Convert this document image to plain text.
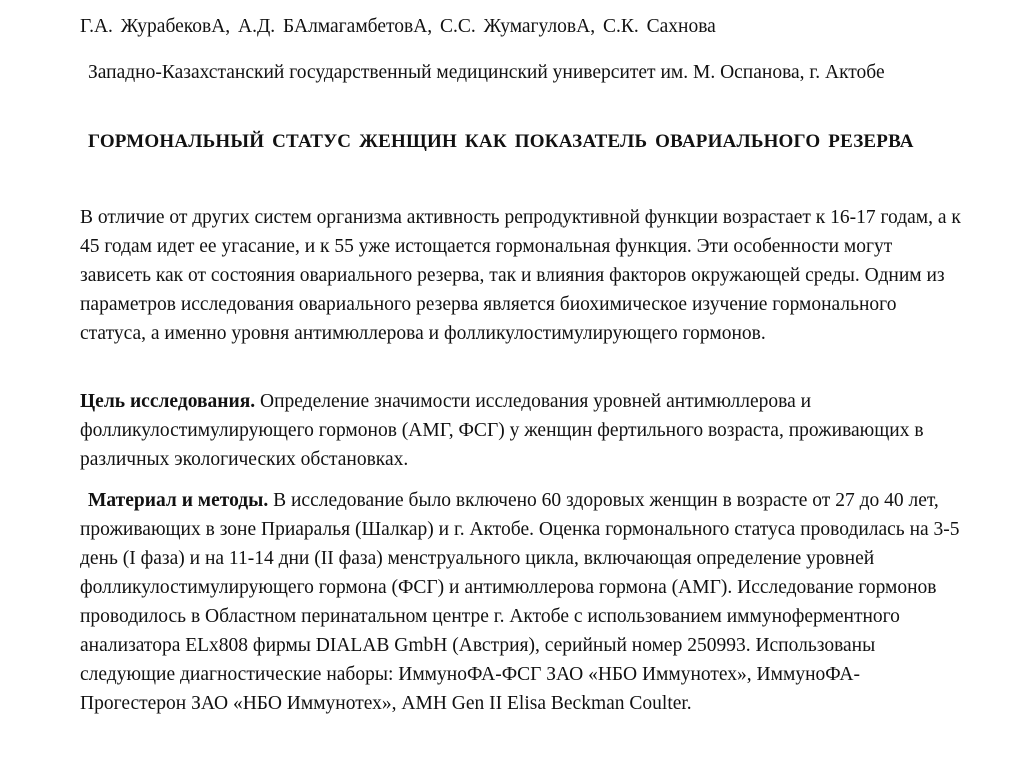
Г.А. ЖурабековА, А.Д. БАлмагамбетовА, С.С. ЖумагуловА, С.К. Сахнова
Западно-Казахстанский государственный медицинский университет им. М. Оспанова, г. Актобе
ГОРМОНАЛЬНЫЙ СТАТУС ЖЕНЩИН КАК ПОКАЗАТЕЛЬ ОВАРИАЛЬНОГО РЕЗЕРВА
В отличие от других систем организма активность репродуктивной функции возрастает к 16-17 годам, а к 45 годам идет ее угасание, и к 55 уже истощается гормональная функция. Эти особенности могут зависеть как от состояния овариального резерва, так и влияния факторов окружающей среды. Одним из параметров исследования овариального резерва является биохимическое изучение гормонального статуса, а именно уровня антимюллерова и фолликулостимулирующего гормонов.
Цель исследования. Определение значимости исследования уровней антимюллерова и фолликулостимулирующего гормонов (АМГ, ФСГ) у женщин фертильного возраста, проживающих в различных экологических обстановках.
Материал и методы. В исследование было включено 60 здоровых женщин в возрасте от 27 до 40 лет, проживающих в зоне Приаралья (Шалкар) и г. Актобе. Оценка гормонального статуса проводилась на 3-5 день (I фаза) и на 11-14 дни (II фаза) менструального цикла, включающая определение уровней фолликулостимулирующего гормона (ФСГ) и антимюллерова гормона (АМГ). Исследование гормонов проводилось в Областном перинатальном центре г. Актобе с использованием иммуноферментного анализатора ELx808 фирмы DIALAB GmbH (Австрия), серийный номер 250993. Использованы следующие диагностические наборы: ИммуноФА-ФСГ ЗАО «НБО Иммунотех», ИммуноФА-Прогестерон ЗАО «НБО Иммунотех», AMH Gen II Elisa Beckman Coulter.
